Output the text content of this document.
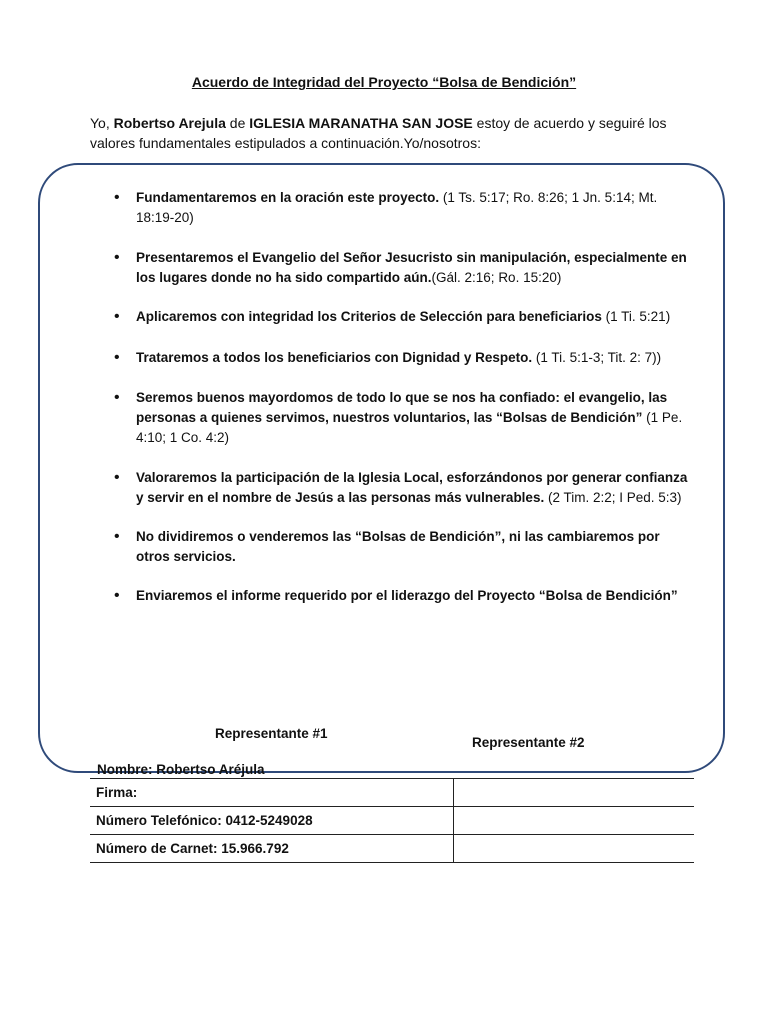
Acuerdo de Integridad del Proyecto “Bolsa de Bendición”
Yo, Robertso Arejula de IGLESIA MARANATHA SAN JOSE estoy de acuerdo y seguiré los valores fundamentales estipulados a continuación.Yo/nosotros:
• Fundamentaremos en la oración este proyecto. (1 Ts. 5:17; Ro. 8:26; 1 Jn. 5:14; Mt. 18:19-20)
• Presentaremos el Evangelio del Señor Jesucristo sin manipulación, especialmente en los lugares donde no ha sido compartido aún.(Gál. 2:16; Ro. 15:20)
• Aplicaremos con integridad los Criterios de Selección para beneficiarios (1 Ti. 5:21)
• Trataremos a todos los beneficiarios con Dignidad y Respeto. (1 Ti. 5:1-3; Tit. 2: 7))
• Seremos buenos mayordomos de todo lo que se nos ha confiado: el evangelio, las personas a quienes servimos, nuestros voluntarios, las “Bolsas de Bendición” (1 Pe. 4:10; 1 Co. 4:2)
• Valoraremos la participación de la Iglesia Local, esforzándonos por generar confianza y servir en el nombre de Jesús a las personas más vulnerables. (2 Tim. 2:2; I Ped. 5:3)
• No dividiremos o venderemos las “Bolsas de Bendición”, ni las cambiaremos por otros servicios.
• Enviaremos el informe requerido por el liderazgo del Proyecto “Bolsa de Bendición”
Representante #1
Representante #2
Nombre: Robertso Aréjula
Firma:	
Número Telefónico: 0412-5249028	
Número de Carnet: 15.966.792	
